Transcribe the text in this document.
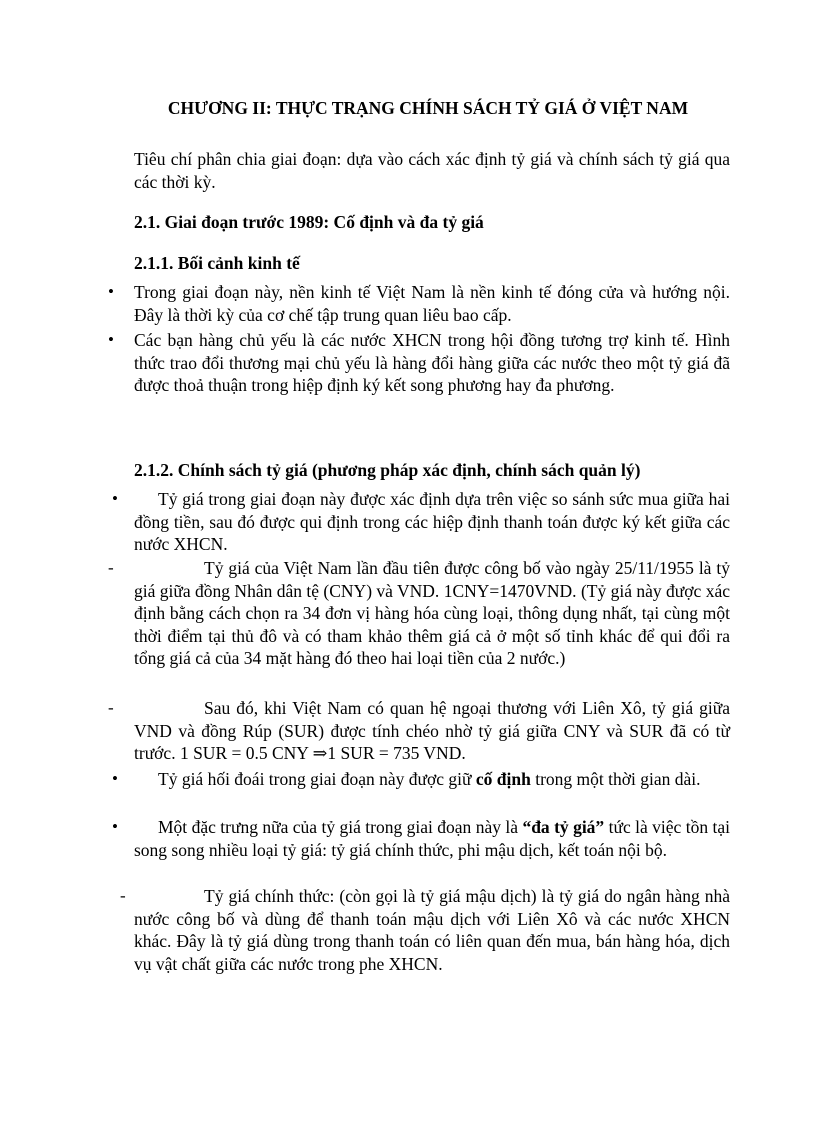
CHƯƠNG II: THỰC TRẠNG CHÍNH SÁCH TỶ GIÁ Ở VIỆT NAM
Tiêu chí phân chia giai đoạn: dựa vào cách xác định tỷ giá và chính sách tỷ giá qua các thời kỳ.
2.1. Giai đoạn trước 1989: Cố định và đa tỷ giá
2.1.1. Bối cảnh kinh tế
• Trong giai đoạn này, nền kinh tế Việt Nam là nền kinh tế đóng cửa và hướng nội. Đây là thời kỳ của cơ chế tập trung quan liêu bao cấp.
• Các bạn hàng chủ yếu là các nước XHCN trong hội đồng tương trợ kinh tế. Hình thức trao đổi thương mại chủ yếu là hàng đổi hàng giữa các nước theo một tỷ giá đã được thoả thuận trong hiệp định ký kết song phương hay đa phương.
2.1.2. Chính sách tỷ giá (phương pháp xác định, chính sách quản lý)
•	Tỷ giá trong giai đoạn này được xác định dựa trên việc so sánh sức mua giữa hai đồng tiền, sau đó được qui định trong các hiệp định thanh toán được ký kết giữa các nước XHCN.
-	Tỷ giá của Việt Nam lần đầu tiên được công bố vào ngày 25/11/1955 là tỷ giá giữa đồng Nhân dân tệ (CNY) và VND. 1CNY=1470VND. (Tỷ giá này được xác định bằng cách chọn ra 34 đơn vị hàng hóa cùng loại, thông dụng nhất, tại cùng một thời điểm tại thủ đô và có tham khảo thêm giá cả ở một số tỉnh khác để qui đổi ra tổng giá cả của 34 mặt hàng đó theo hai loại tiền của 2 nước.)
-	Sau đó, khi Việt Nam có quan hệ ngoại thương với Liên Xô, tỷ giá giữa VND và đồng Rúp (SUR) được tính chéo nhờ tỷ giá giữa CNY và SUR đã có từ trước. 1 SUR = 0.5 CNY ⇒1 SUR = 735 VND.
•	Tỷ giá hối đoái trong giai đoạn này được giữ cố định trong một thời gian dài.
•	Một đặc trưng nữa của tỷ giá trong giai đoạn này là “đa tỷ giá” tức là việc tồn tại song song nhiều loại tỷ giá: tỷ giá chính thức, phi mậu dịch, kết toán nội bộ.
-	Tỷ giá chính thức: (còn gọi là tỷ giá mậu dịch) là tỷ giá do ngân hàng nhà nước công bố và dùng để thanh toán mậu dịch với Liên Xô và các nước XHCN khác. Đây là tỷ giá dùng trong thanh toán có liên quan đến mua, bán hàng hóa, dịch vụ vật chất giữa các nước trong phe XHCN.
